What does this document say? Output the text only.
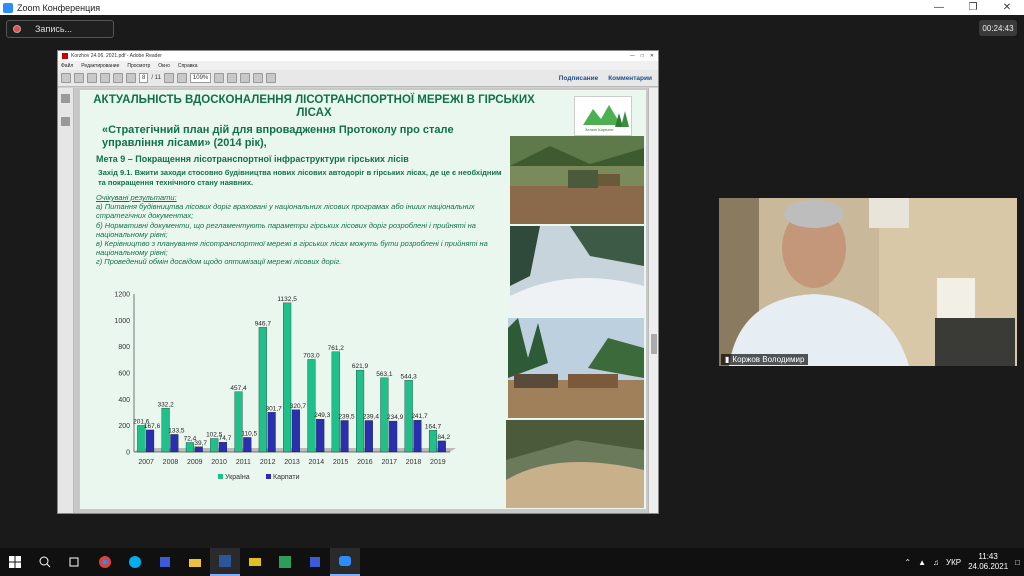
Zoom Конференция	—	❐	✕
Запись...	00:24:43
Korzhov 24.06. 2021.pdf - Adobe Reader	— □ ✕
Файл Редактирование Просмотр Окно Справка
8	/ 11	109%	Подписание Комментарии
АКТУАЛЬНІСТЬ ВДОСКОНАЛЕННЯ ЛІСОТРАНСПОРТНОЇ МЕРЕЖІ В ГІРСЬКИХ ЛІСАХ
«Стратегічний план дій для впровадження Протоколу про сталe управління лісами» (2014 рік),
Мета 9 – Покращення лісотранспортної інфраструктури гірських лісів
Захід 9.1. Вжити заходи стосовно будівництва нових лісових автодоріг в гірських лісах, де це є необхідним та покращення технічного стану наявних.
Очікувані результати:
а) Питання будівництва лісових доріг враховані у національних лісових програмах або інших національних стратегічних документах;
б) Нормативні документи, що регламентують параметри гірських лісових доріг розроблені і прийняті на національному рівні;
в) Керівництво з планування лісотранспортної мережі в гірських лісах можуть бути розроблені і прийняті на національному рівні;
г) Проведений обмін досвідом щодо оптимізації мережі лісових доріг.
Зелені Карпати
0
200
400
600
800
1000
1200
2007 2008 2009 2010 2011 2012 2013 2014 2015 2016 2017 2018 2019
201,6
167,6
332,2
133,5
72,4
39,7
102,5
74,7
457,4
110,5
946,7
301,7
1132,5
320,7
703,0
249,3
761,2
239,5
621,9
239,4
563,1
234,9
544,3
241,7
164,7
84,2
Україна	Карпати
▮ Коржов Володимир
⌃ ▲ ♫ УКР
11:43
24.06.2021 □
